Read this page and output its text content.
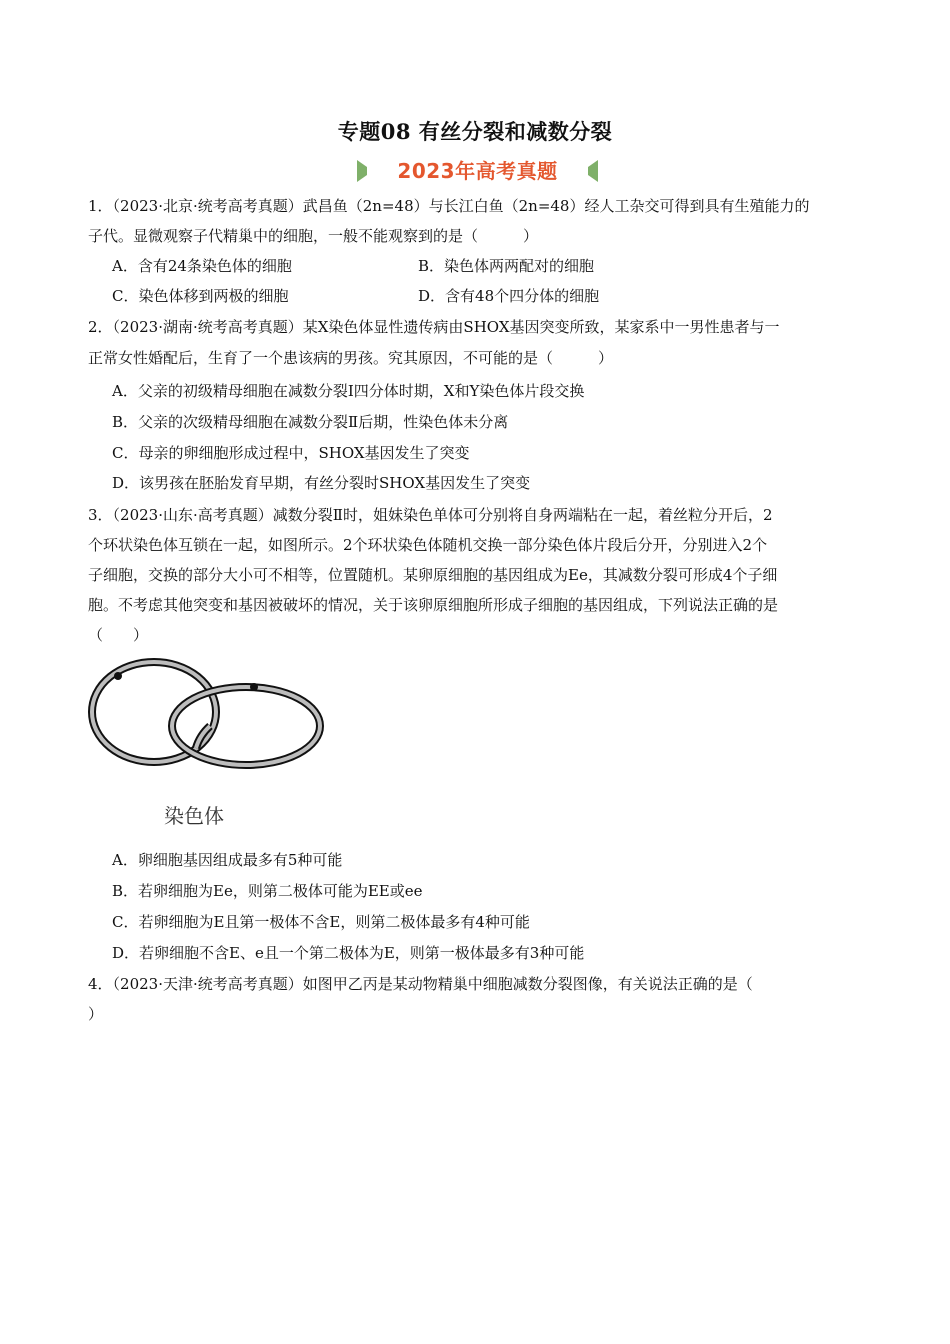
专题08 有丝分裂和减数分裂
2023年高考真题
1．（2023·北京·统考高考真题）武昌鱼（2n=48）与长江白鱼（2n=48）经人工杂交可得到具有生殖能力的
子代。显微观察子代精巢中的细胞，一般不能观察到的是（　　　）
A．含有24条染色体的细胞	B．染色体两两配对的细胞
C．染色体移到两极的细胞	D．含有48个四分体的细胞
2．（2023·湖南·统考高考真题）某X染色体显性遗传病由SHOX基因突变所致，某家系中一男性患者与一
正常女性婚配后，生育了一个患该病的男孩。究其原因，不可能的是（　　　）
A．父亲的初级精母细胞在减数分裂Ⅰ四分体时期，X和Y染色体片段交换
B．父亲的次级精母细胞在减数分裂Ⅱ后期，性染色体未分离
C．母亲的卵细胞形成过程中，SHOX基因发生了突变
D．该男孩在胚胎发育早期，有丝分裂时SHOX基因发生了突变
3．（2023·山东·高考真题）减数分裂Ⅱ时，姐妹染色单体可分别将自身两端粘在一起，着丝粒分开后，2
个环状染色体互锁在一起，如图所示。2个环状染色体随机交换一部分染色体片段后分开，分别进入2个
子细胞，交换的部分大小可不相等，位置随机。某卵原细胞的基因组成为Ee，其减数分裂可形成4个子细
胞。不考虑其他突变和基因被破坏的情况，关于该卵原细胞所形成子细胞的基因组成，下列说法正确的是
（　　）
染色体
A．卵细胞基因组成最多有5种可能
B．若卵细胞为Ee，则第二极体可能为EE或ee
C．若卵细胞为E且第一极体不含E，则第二极体最多有4种可能
D．若卵细胞不含E、e且一个第二极体为E，则第一极体最多有3种可能
4．（2023·天津·统考高考真题）如图甲乙丙是某动物精巢中细胞减数分裂图像，有关说法正确的是（
）
